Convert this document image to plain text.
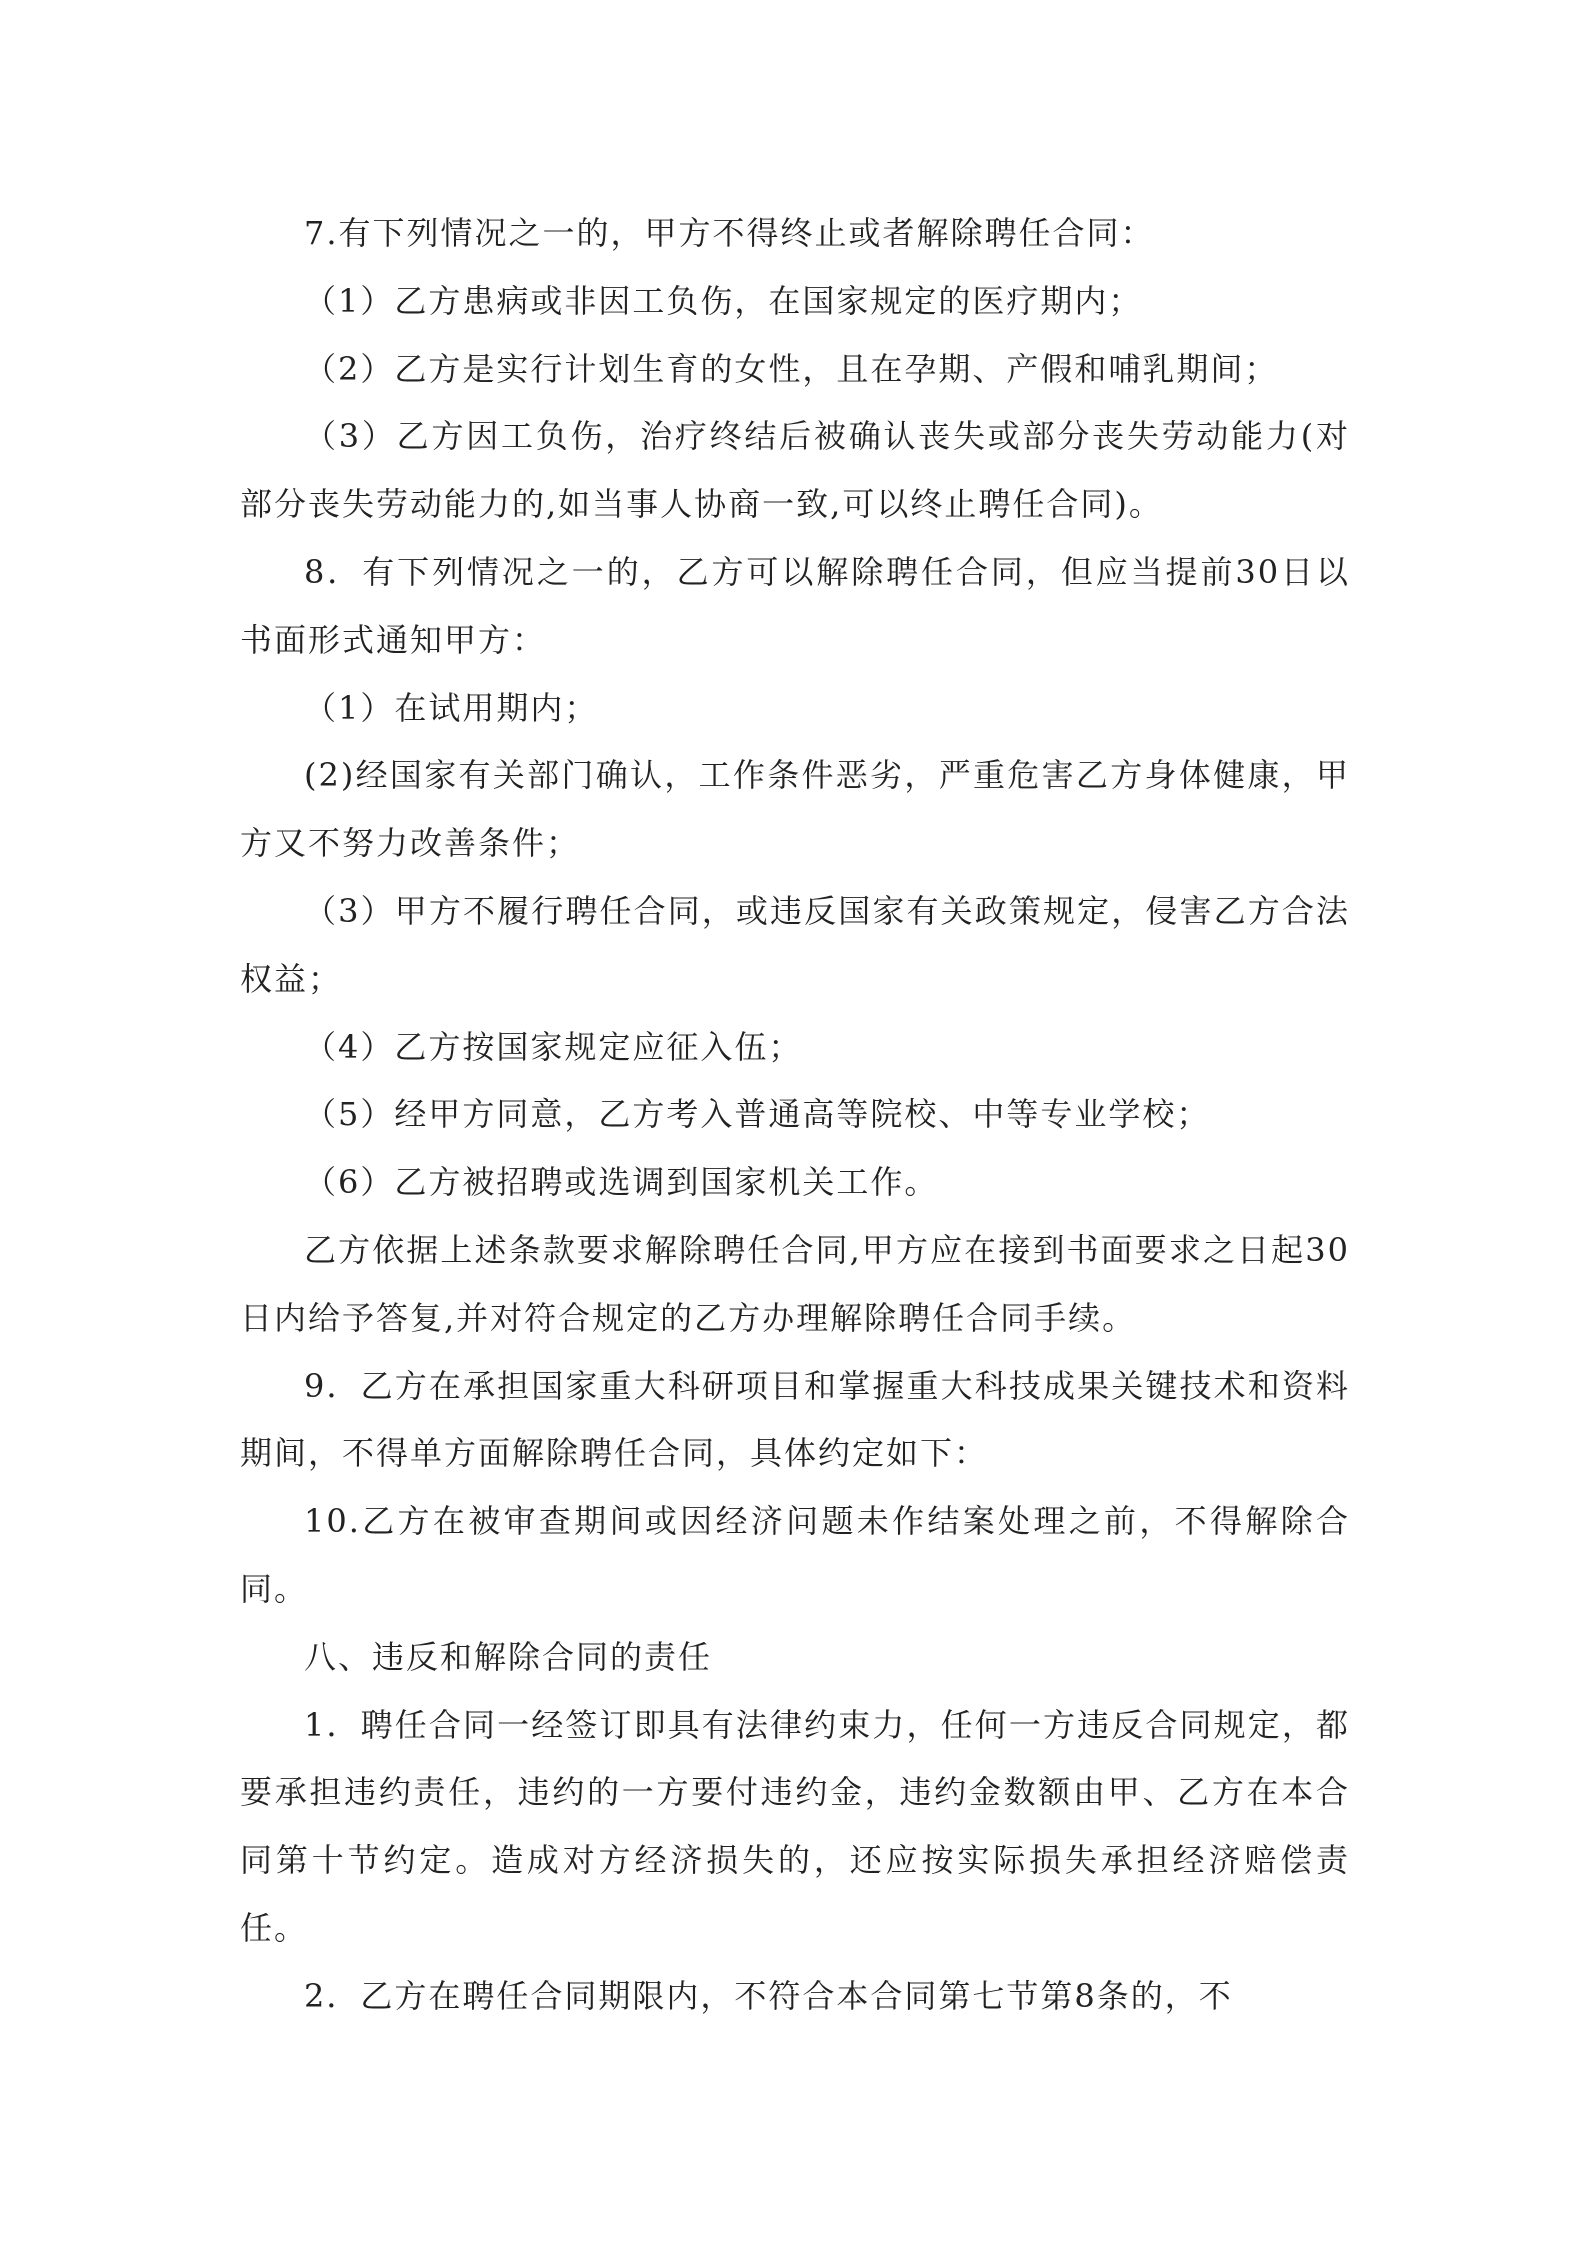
7.有下列情况之一的，甲方不得终止或者解除聘任合同：

（1）乙方患病或非因工负伤，在国家规定的医疗期内；

（2）乙方是实行计划生育的女性，且在孕期、产假和哺乳期间；

（3）乙方因工负伤，治疗终结后被确认丧失或部分丧失劳动能力(对部分丧失劳动能力的,如当事人协商一致,可以终止聘任合同)。

8．有下列情况之一的，乙方可以解除聘任合同，但应当提前30日以书面形式通知甲方：

（1）在试用期内；

(2)经国家有关部门确认，工作条件恶劣，严重危害乙方身体健康，甲方又不努力改善条件；

（3）甲方不履行聘任合同，或违反国家有关政策规定，侵害乙方合法权益；

（4）乙方按国家规定应征入伍；

（5）经甲方同意，乙方考入普通高等院校、中等专业学校；

（6）乙方被招聘或选调到国家机关工作。

乙方依据上述条款要求解除聘任合同,甲方应在接到书面要求之日起30日内给予答复,并对符合规定的乙方办理解除聘任合同手续。

9．乙方在承担国家重大科研项目和掌握重大科技成果关键技术和资料期间，不得单方面解除聘任合同，具体约定如下：

10.乙方在被审查期间或因经济问题未作结案处理之前，不得解除合同。

八、违反和解除合同的责任

1．聘任合同一经签订即具有法律约束力，任何一方违反合同规定，都要承担违约责任，违约的一方要付违约金，违约金数额由甲、乙方在本合同第十节约定。造成对方经济损失的，还应按实际损失承担经济赔偿责任。

2．乙方在聘任合同期限内，不符合本合同第七节第8条的，不
